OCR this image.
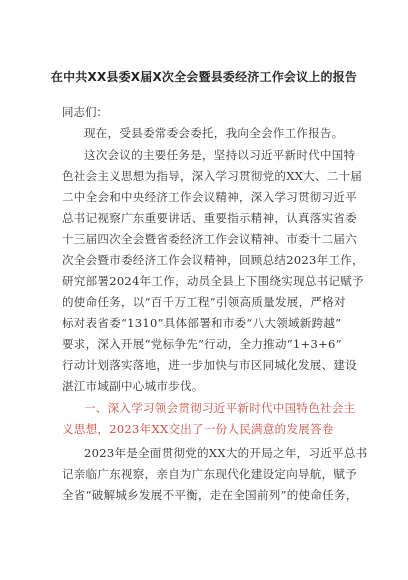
在中共XX县委X届X次全会暨县委经济工作会议上的报告
同志们：
现在，受县委常委会委托，我向全会作工作报告。
这次会议的主要任务是，坚持以习近平新时代中国特
色社会主义思想为指导，深入学习贯彻党的XX大、二十届
二中全会和中央经济工作会议精神，深入学习贯彻习近平
总书记视察广东重要讲话、重要指示精神，认真落实省委
十三届四次全会暨省委经济工作会议精神、市委十二届六
次全会暨市委经济工作会议精神，回顾总结2023年工作，
研究部署2024年工作，动员全县上下围绕实现总书记赋予
的使命任务，以“百千万工程”引领高质量发展，严格对
标对表省委“1310”具体部署和市委“八大领域新跨越”
要求，深入开展“党标争先”行动，全力推动“1+3+6”
行动计划落实落地，进一步加快与市区同城化发展、建设
湛江市域副中心城市步伐。
一、深入学习领会贯彻习近平新时代中国特色社会主
义思想，2023年XX交出了一份人民满意的发展答卷
2023年是全面贯彻党的XX大的开局之年，习近平总书
记亲临广东视察，亲自为广东现代化建设定向导航，赋予
全省“破解城乡发展不平衡，走在全国前列”的使命任务，
